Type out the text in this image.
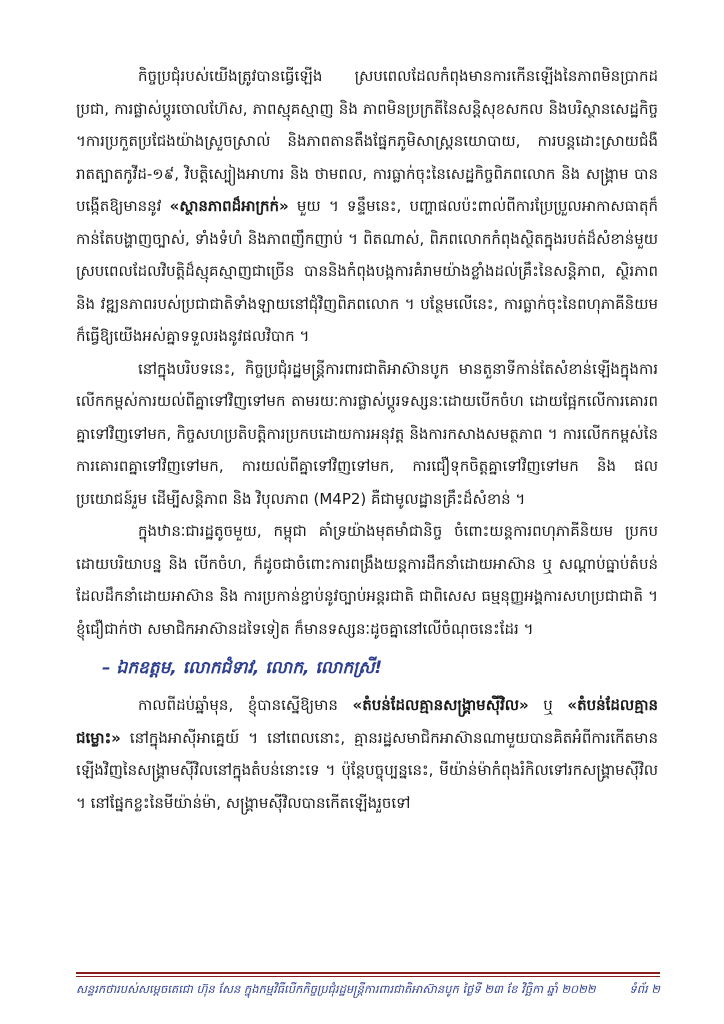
កិច្ចប្រជុំរបស់យើងត្រូវបានធ្វើឡើង ស្របពេលដែលកំពុងមានការកើនឡើងនៃភាពមិនប្រាកដប្រជា, ការផ្លាស់ប្តូរចោលហ៊ែស, ភាពស្មុគស្មាញ និង ភាពមិនប្រក្រតីនៃសន្តិសុខសកល និងបរិស្ថានសេដ្ឋកិច្ច ។ការប្រកួតប្រជែងយ៉ាងស្រួចស្រាល់ និងភាពតានតឹងផ្នែកភូមិសាស្ត្រនយោបាយ, ការបន្តដោះស្រាយជំងឺរាតត្បាតកូវីដ-១៩, វិបត្តិស្បៀងអាហារ និង ថាមពល, ការធ្លាក់ចុះនៃសេដ្ឋកិច្ចពិភពលោក និង សង្គ្រាម បានបង្កើតឱ្យមាននូវ «ស្ថានភាពដ៏អាក្រក់» មួយ ។ ទន្ទឹមនេះ, បញ្ហាផលប៉ះពាល់ពីការប្រែប្រួលអាកាសធាតុក៏កាន់តែបង្ហាញច្បាស់, ទាំងទំហំ និងភាពញឹកញាប់ ។ ពិតណាស់, ពិភពលោកកំពុងស្ថិតក្នុងរបត់ដ៏សំខាន់មួយ ស្របពេលដែលវិបត្តិដ៏ស្មុគស្មាញជាច្រើន បាននិងកំពុងបង្កការគំរាមយ៉ាងខ្លាំងដល់គ្រឹះនៃសន្តិភាព, ស្ថិរភាព និង វឌ្ឍនភាពរបស់ប្រជាជាតិទាំងឡាយនៅជុំវិញពិភពលោក ។ បន្ថែមលើនេះ, ការធ្លាក់ចុះនៃពហុភាគីនិយម ក៏ធ្វើឱ្យយើងអស់គ្នាទទួលរងនូវផលវិបាក ។

នៅក្នុងបរិបទនេះ, កិច្ចប្រជុំរដ្ឋមន្ត្រីការពារជាតិអាស៊ានបូក មានតួនាទីកាន់តែសំខាន់ឡើងក្នុងការលើកកម្ពស់ការយល់ពីគ្នាទៅវិញទៅមក តាមរយៈការផ្លាស់ប្តូរទស្សនៈដោយបើកចំហ ដោយផ្អែកលើការគោរពគ្នាទៅវិញទៅមក, កិច្ចសហប្រតិបត្តិការប្រកបដោយការអនុវត្ត និងការកសាងសមត្ថភាព ។ ការលើកកម្ពស់នៃការគោរពគ្នាទៅវិញទៅមក, ការយល់ពីគ្នាទៅវិញទៅមក, ការជឿទុកចិត្តគ្នាទៅវិញទៅមក និង ផលប្រយោជន៍រួម ដើម្បីសន្តិភាព និង វិបុលភាព (M4P2) គឺជាមូលដ្ឋានគ្រឹះដ៏សំខាន់ ។

ក្នុងឋានៈជារដ្ឋតូចមួយ, កម្ពុជា គាំទ្រយ៉ាងមុតមាំជានិច្ច ចំពោះយន្តការពហុភាគីនិយម ប្រកបដោយបរិយាបន្ន និង បើកចំហ, ក៏ដូចជាចំពោះការពង្រឹងយន្តការដឹកនាំដោយអាស៊ាន ឬ សណ្តាប់ធ្នាប់តំបន់ ដែលដឹកនាំដោយអាស៊ាន និង ការប្រកាន់ខ្ជាប់នូវច្បាប់អន្តរជាតិ ជាពិសេស ធម្មនុញ្ញអង្គការសហប្រជាជាតិ ។ ខ្ញុំជឿជាក់ថា សមាជិកអាស៊ានដទៃទៀត ក៏មានទស្សនៈដូចគ្នានៅលើចំណុចនេះដែរ ។

– ឯកឧត្តម, លោកជំទាវ, លោក, លោកស្រី!

កាលពីដប់ឆ្នាំមុន, ខ្ញុំបានស្នើឱ្យមាន «តំបន់ដែលគ្មានសង្គ្រាមស៊ីវិល» ឬ «តំបន់ដែលគ្មានជម្លោះ» នៅក្នុងអាស៊ីអាគ្នេយ៍ ។ នៅពេលនោះ, គ្មានរដ្ឋសមាជិកអាស៊ានណាមួយបានគិតអំពីការកើតមានឡើងវិញនៃសង្គ្រាមស៊ីវិលនៅក្នុងតំបន់នោះទេ ។ ប៉ុន្តែបច្ចុប្បន្ននេះ, មីយ៉ាន់ម៉ាកំពុងរំកិលទៅរកសង្គ្រាមស៊ីវិល ។ នៅផ្នែកខ្លះនៃមីយ៉ាន់ម៉ា, សង្គ្រាមស៊ីវិលបានកើតឡើងរួចទៅ

សន្ទរកថារបស់សម្តេចតេជោ ហ៊ុន សែន ក្នុងកម្មវិធីបើកកិច្ចប្រជុំរដ្ឋមន្ត្រីការពារជាតិអាស៊ានបូក ថ្ងៃទី ២៣ ខែ វិច្ឆិកា ឆ្នាំ ២០២២	ទំព័រ ២
